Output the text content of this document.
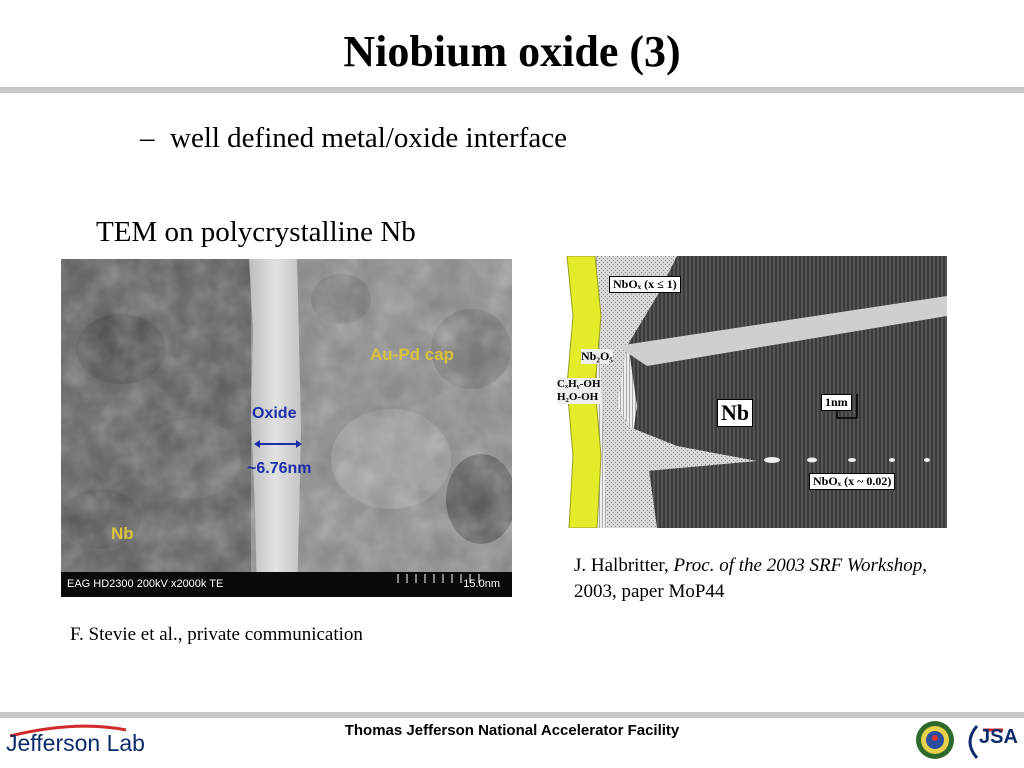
Niobium oxide (3)
– well defined metal/oxide interface
TEM on polycrystalline Nb
Au-Pd cap
Oxide
~6.76nm
Nb
EAG HD2300 200kV x2000k TE	15.0nm
F. Stevie et al., private communication
NbOₓ (x ≤ 1)
Nb₂O₅
CₓHᵧ-OH
H₂O-OH
Nb	1nm
NbOₓ (x ~ 0.02)
J. Halbritter, Proc. of the 2003 SRF Workshop, 2003, paper MoP44
Thomas Jefferson National Accelerator Facility
Jefferson Lab	JSA
